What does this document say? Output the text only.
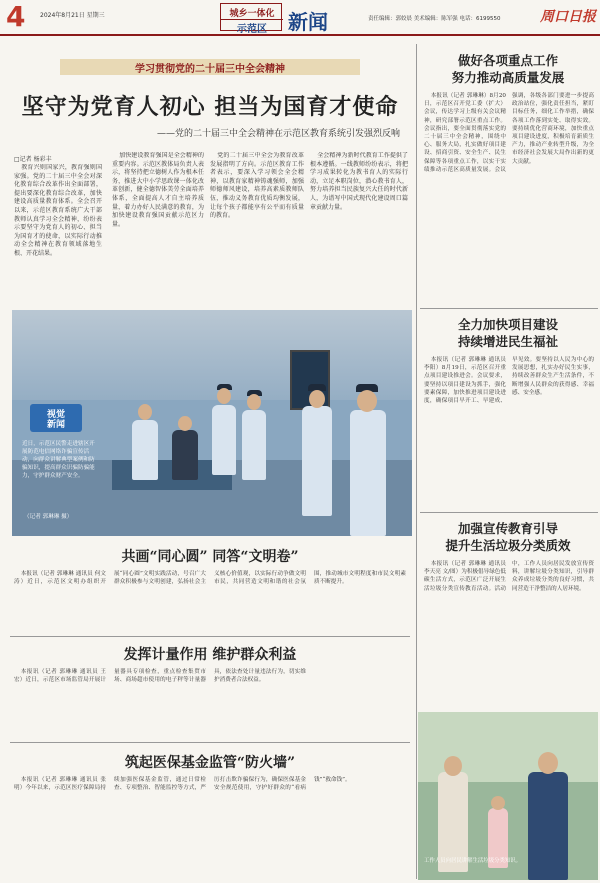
4 2024年8月21日 星期三	城乡一体化
示范区	新闻	责任编辑：郭姣晨 美术编辑：陈军强 电话：6199550	周口日报
学习贯彻党的二十届三中全会精神
坚守为党育人初心 担当为国育才使命
——党的二十届三中全会精神在示范区教育系统引发强烈反响
□记者 杨彩丰

教育兴则国家兴，教育强则国家强。党的二十届三中全会对深化教育综合改革作出全面部署，提出要深化教育综合改革，加快建设高质量教育体系。全会召开以来，示范区教育系统广大干部教师认真学习全会精神，纷纷表示要坚守为党育人的初心、担当为国育才的使命，以实际行动推动全会精神在教育领域落地生根、开花结果。

加快建设教育强国是全会精神的重要内容。示范区教体局负责人表示，将坚持把立德树人作为根本任务，推进大中小学思政课一体化改革创新，健全德智体美劳全面培养体系，全面提高人才自主培养质量，着力办好人民满意的教育，为加快建设教育强国贡献示范区力量。

党的二十届三中全会为教育改革发展指明了方向。示范区教育工作者表示，要深入学习领会全会精神，以教育家精神铸魂强师，加强师德师风建设，培养高素质教师队伍，推动义务教育优质均衡发展，让每个孩子都能享有公平而有质量的教育。

全会精神为新时代教育工作提供了根本遵循。一线教师纷纷表示，将把学习成果转化为教书育人的实际行动，立足本职岗位，潜心教书育人，努力培养担当民族复兴大任的时代新人，为谱写中国式现代化建设周口篇章贡献力量。

视觉
新闻
近日，示范区民警走进辖区开展防范电信网络诈骗宣传活动，向群众讲解典型案例和防骗知识，提高群众识骗防骗能力，守护群众财产安全。
（记者 郭琳琳 摄）
共画“同心圆” 同答“文明卷”

本报讯（记者 郭琳琳 通讯员 何文涛）近日，示范区文明办组织开展“同心圆”文明实践活动，号召广大群众积极参与文明创建，弘扬社会主义核心价值观，以实际行动争做文明市民，共同营造文明和谐的社会氛围，推动城市文明程度和市民文明素质不断提升。

发挥计量作用 维护群众利益

本报讯（记者 郭琳琳 通讯员 王宏）近日，示范区市场监管局开展计量器具专项检查，重点检查集贸市场、商场超市使用的电子秤等计量器具，依法查处计量违法行为，切实维护消费者合法权益。

筑起医保基金监管“防火墙”

本报讯（记者 郭琳琳 通讯员 张明）今年以来，示范区医疗保障局持续加强医保基金监管，通过日常检查、专项整治、智能监控等方式，严厉打击欺诈骗保行为，确保医保基金安全规范使用，守护好群众的“看病钱”“救命钱”。

做好各项重点工作
努力推动高质量发展

本报讯（记者 郭琳琳）8月20日，示范区召开党工委（扩大）会议，传达学习上级有关会议精神，研究部署示范区重点工作。会议指出，要全面贯彻落实党的二十届三中全会精神，围绕中心、服务大局，扎实做好项目建设、招商引资、安全生产、民生保障等各项重点工作，以实干实绩推动示范区高质量发展。会议强调，各级各部门要进一步提高政治站位，强化责任担当，紧盯目标任务，细化工作举措，确保各项工作落到实处、取得实效。要持续优化营商环境，加快重点项目建设进度，积极培育新质生产力，推动产业转型升级，为全市经济社会发展大局作出新的更大贡献。

全力加快项目建设
持续增进民生福祉

本报讯（记者 郭琳琳 通讯员 李阳）8月19日，示范区召开重点项目建设推进会。会议要求，要坚持以项目建设为抓手，强化要素保障，加快推进项目建设进度，确保项目早开工、早建成、早见效。要坚持以人民为中心的发展思想，扎实办好民生实事，持续改善群众生产生活条件，不断增强人民群众的获得感、幸福感、安全感。

加强宣传教育引导
提升生活垃圾分类质效

本报讯（记者 郭琳琳 通讯员 李天亮 文/图）为积极倡导绿色低碳生活方式，示范区广泛开展生活垃圾分类宣传教育活动。活动中，工作人员向居民发放宣传资料，讲解垃圾分类知识，引导群众养成垃圾分类的良好习惯，共同营造干净整洁的人居环境。

工作人员向居民讲解生活垃圾分类知识。
